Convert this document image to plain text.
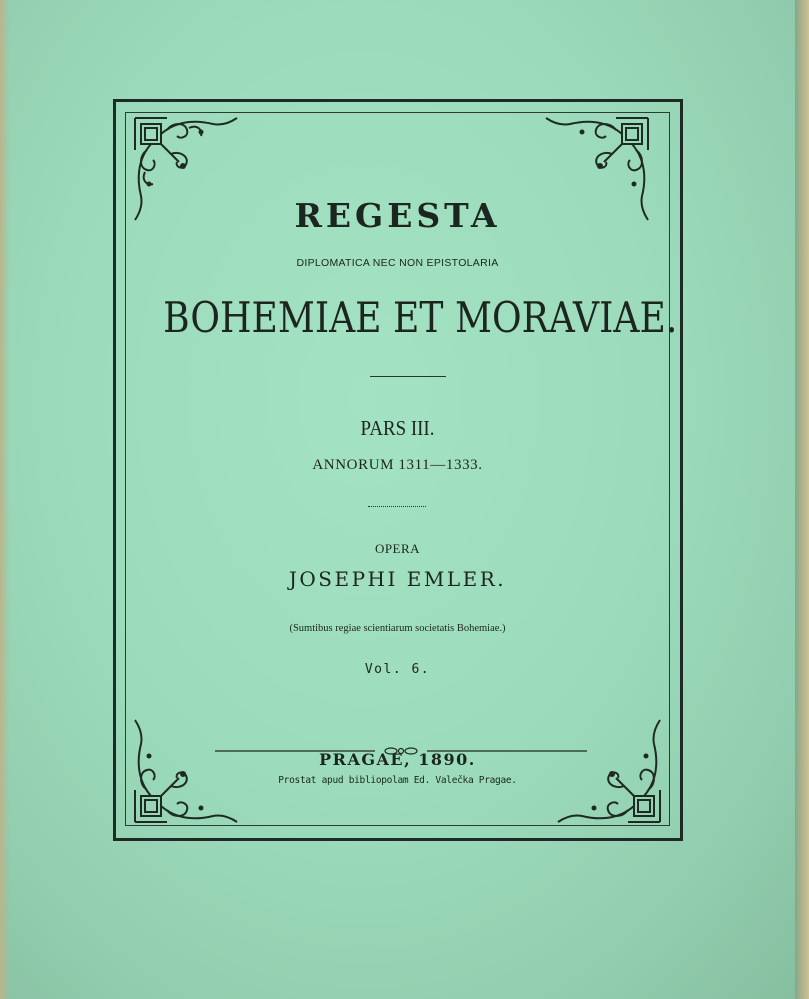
REGESTA
DIPLOMATICA NEC NON EPISTOLARIA
BOHEMIAE ET MORAVIAE.
PARS III.
ANNORUM 1311—1333.
OPERA
JOSEPHI EMLER.
(Sumtibus regiae scientiarum societatis Bohemiae.)
Vol. 6.
PRAGAE, 1890.
Prostat apud bibliopolam Ed. Valečka Pragae.
